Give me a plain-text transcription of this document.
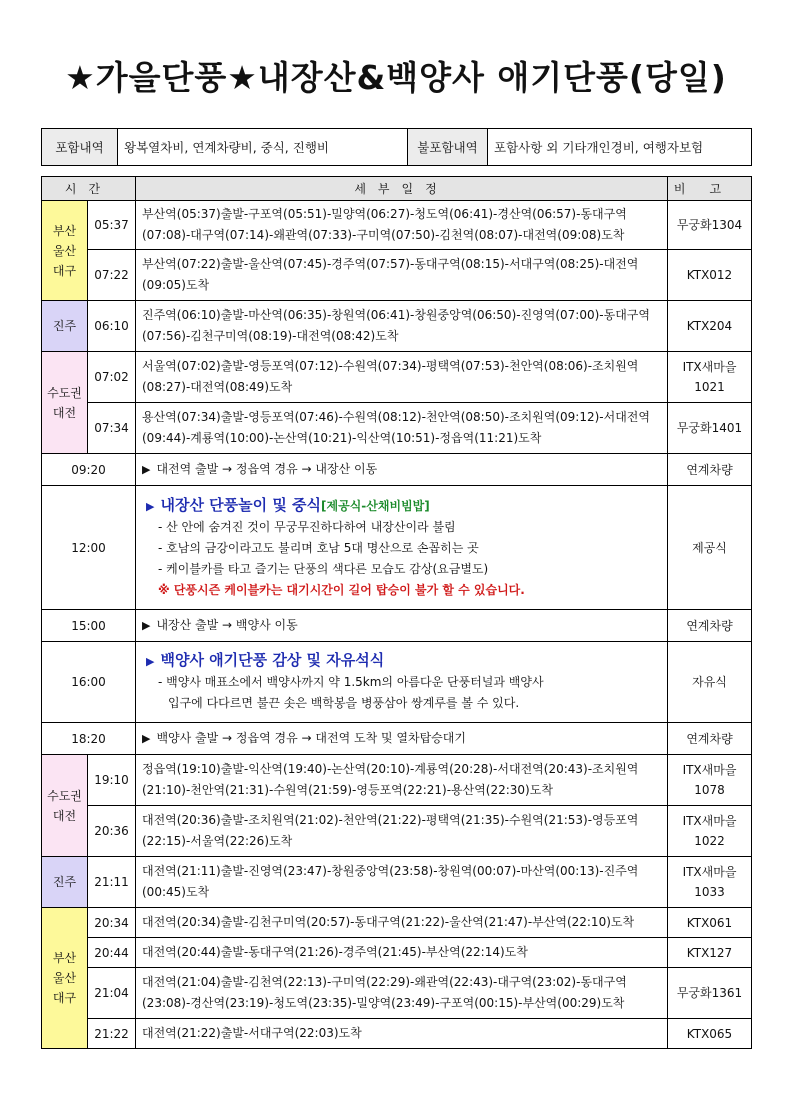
★가을단풍★내장산&백양사 애기단풍(당일)
포함내역	왕복열차비, 연계차량비, 중식, 진행비	불포함내역	포함사항 외 기타개인경비, 여행자보험
시간		세부일정	비고
부산
울산
대구	05:37	부산역(05:37)출발-구포역(05:51)-밀양역(06:27)-청도역(06:41)-경산역(06:57)-동대구역(07:08)-대구역(07:14)-왜관역(07:33)-구미역(07:50)-김천역(08:07)-대전역(09:08)도착	무궁화1304
	07:22	부산역(07:22)출발-울산역(07:45)-경주역(07:57)-동대구역(08:15)-서대구역(08:25)-대전역(09:05)도착	KTX012
진주	06:10	진주역(06:10)출발-마산역(06:35)-창원역(06:41)-창원중앙역(06:50)-진영역(07:00)-동대구역(07:56)-김천구미역(08:19)-대전역(08:42)도착	KTX204
수도권
대전	07:02	서울역(07:02)출발-영등포역(07:12)-수원역(07:34)-평택역(07:53)-천안역(08:06)-조치원역(08:27)-대전역(08:49)도착	ITX새마을
1021
	07:34	용산역(07:34)출발-영등포역(07:46)-수원역(08:12)-천안역(08:50)-조치원역(09:12)-서대전역(09:44)-계룡역(10:00)-논산역(10:21)-익산역(10:51)-정읍역(11:21)도착	무궁화1401
09:20		▶ 대전역 출발 → 정읍역 경유 → 내장산 이동	연계차량
12:00		▶ 내장산 단풍놀이 및 중식[제공식-산채비빔밥]
- 산 안에 숨겨진 것이 무궁무진하다하여 내장산이라 불림
- 호남의 금강이라고도 불리며 호남 5대 명산으로 손꼽히는 곳
- 케이블카를 타고 즐기는 단풍의 색다른 모습도 감상(요금별도)
※ 단풍시즌 케이블카는 대기시간이 길어 탑승이 불가 할 수 있습니다.	제공식
15:00		▶ 내장산 출발 → 백양사 이동	연계차량
16:00		▶ 백양사 애기단풍 감상 및 자유석식
- 백양사 매표소에서 백양사까지 약 1.5km의 아름다운 단풍터널과 백양사
입구에 다다르면 불끈 솟은 백학봉을 병풍삼아 쌍계루를 볼 수 있다.	자유식
18:20		▶ 백양사 출발 → 정읍역 경유 → 대전역 도착 및 열차탑승대기	연계차량
수도권
대전	19:10	정읍역(19:10)출발-익산역(19:40)-논산역(20:10)-계룡역(20:28)-서대전역(20:43)-조치원역(21:10)-천안역(21:31)-수원역(21:59)-영등포역(22:21)-용산역(22:30)도착	ITX새마을
1078
	20:36	대전역(20:36)출발-조치원역(21:02)-천안역(21:22)-평택역(21:35)-수원역(21:53)-영등포역(22:15)-서울역(22:26)도착	ITX새마을
1022
진주	21:11	대전역(21:11)출발-진영역(23:47)-창원중앙역(23:58)-창원역(00:07)-마산역(00:13)-진주역(00:45)도착	ITX새마을
1033
부산
울산
대구	20:34	대전역(20:34)출발-김천구미역(20:57)-동대구역(21:22)-울산역(21:47)-부산역(22:10)도착	KTX061
	20:44	대전역(20:44)출발-동대구역(21:26)-경주역(21:45)-부산역(22:14)도착	KTX127
	21:04	대전역(21:04)출발-김천역(22:13)-구미역(22:29)-왜관역(22:43)-대구역(23:02)-동대구역(23:08)-경산역(23:19)-청도역(23:35)-밀양역(23:49)-구포역(00:15)-부산역(00:29)도착	무궁화1361
	21:22	대전역(21:22)출발-서대구역(22:03)도착	KTX065
